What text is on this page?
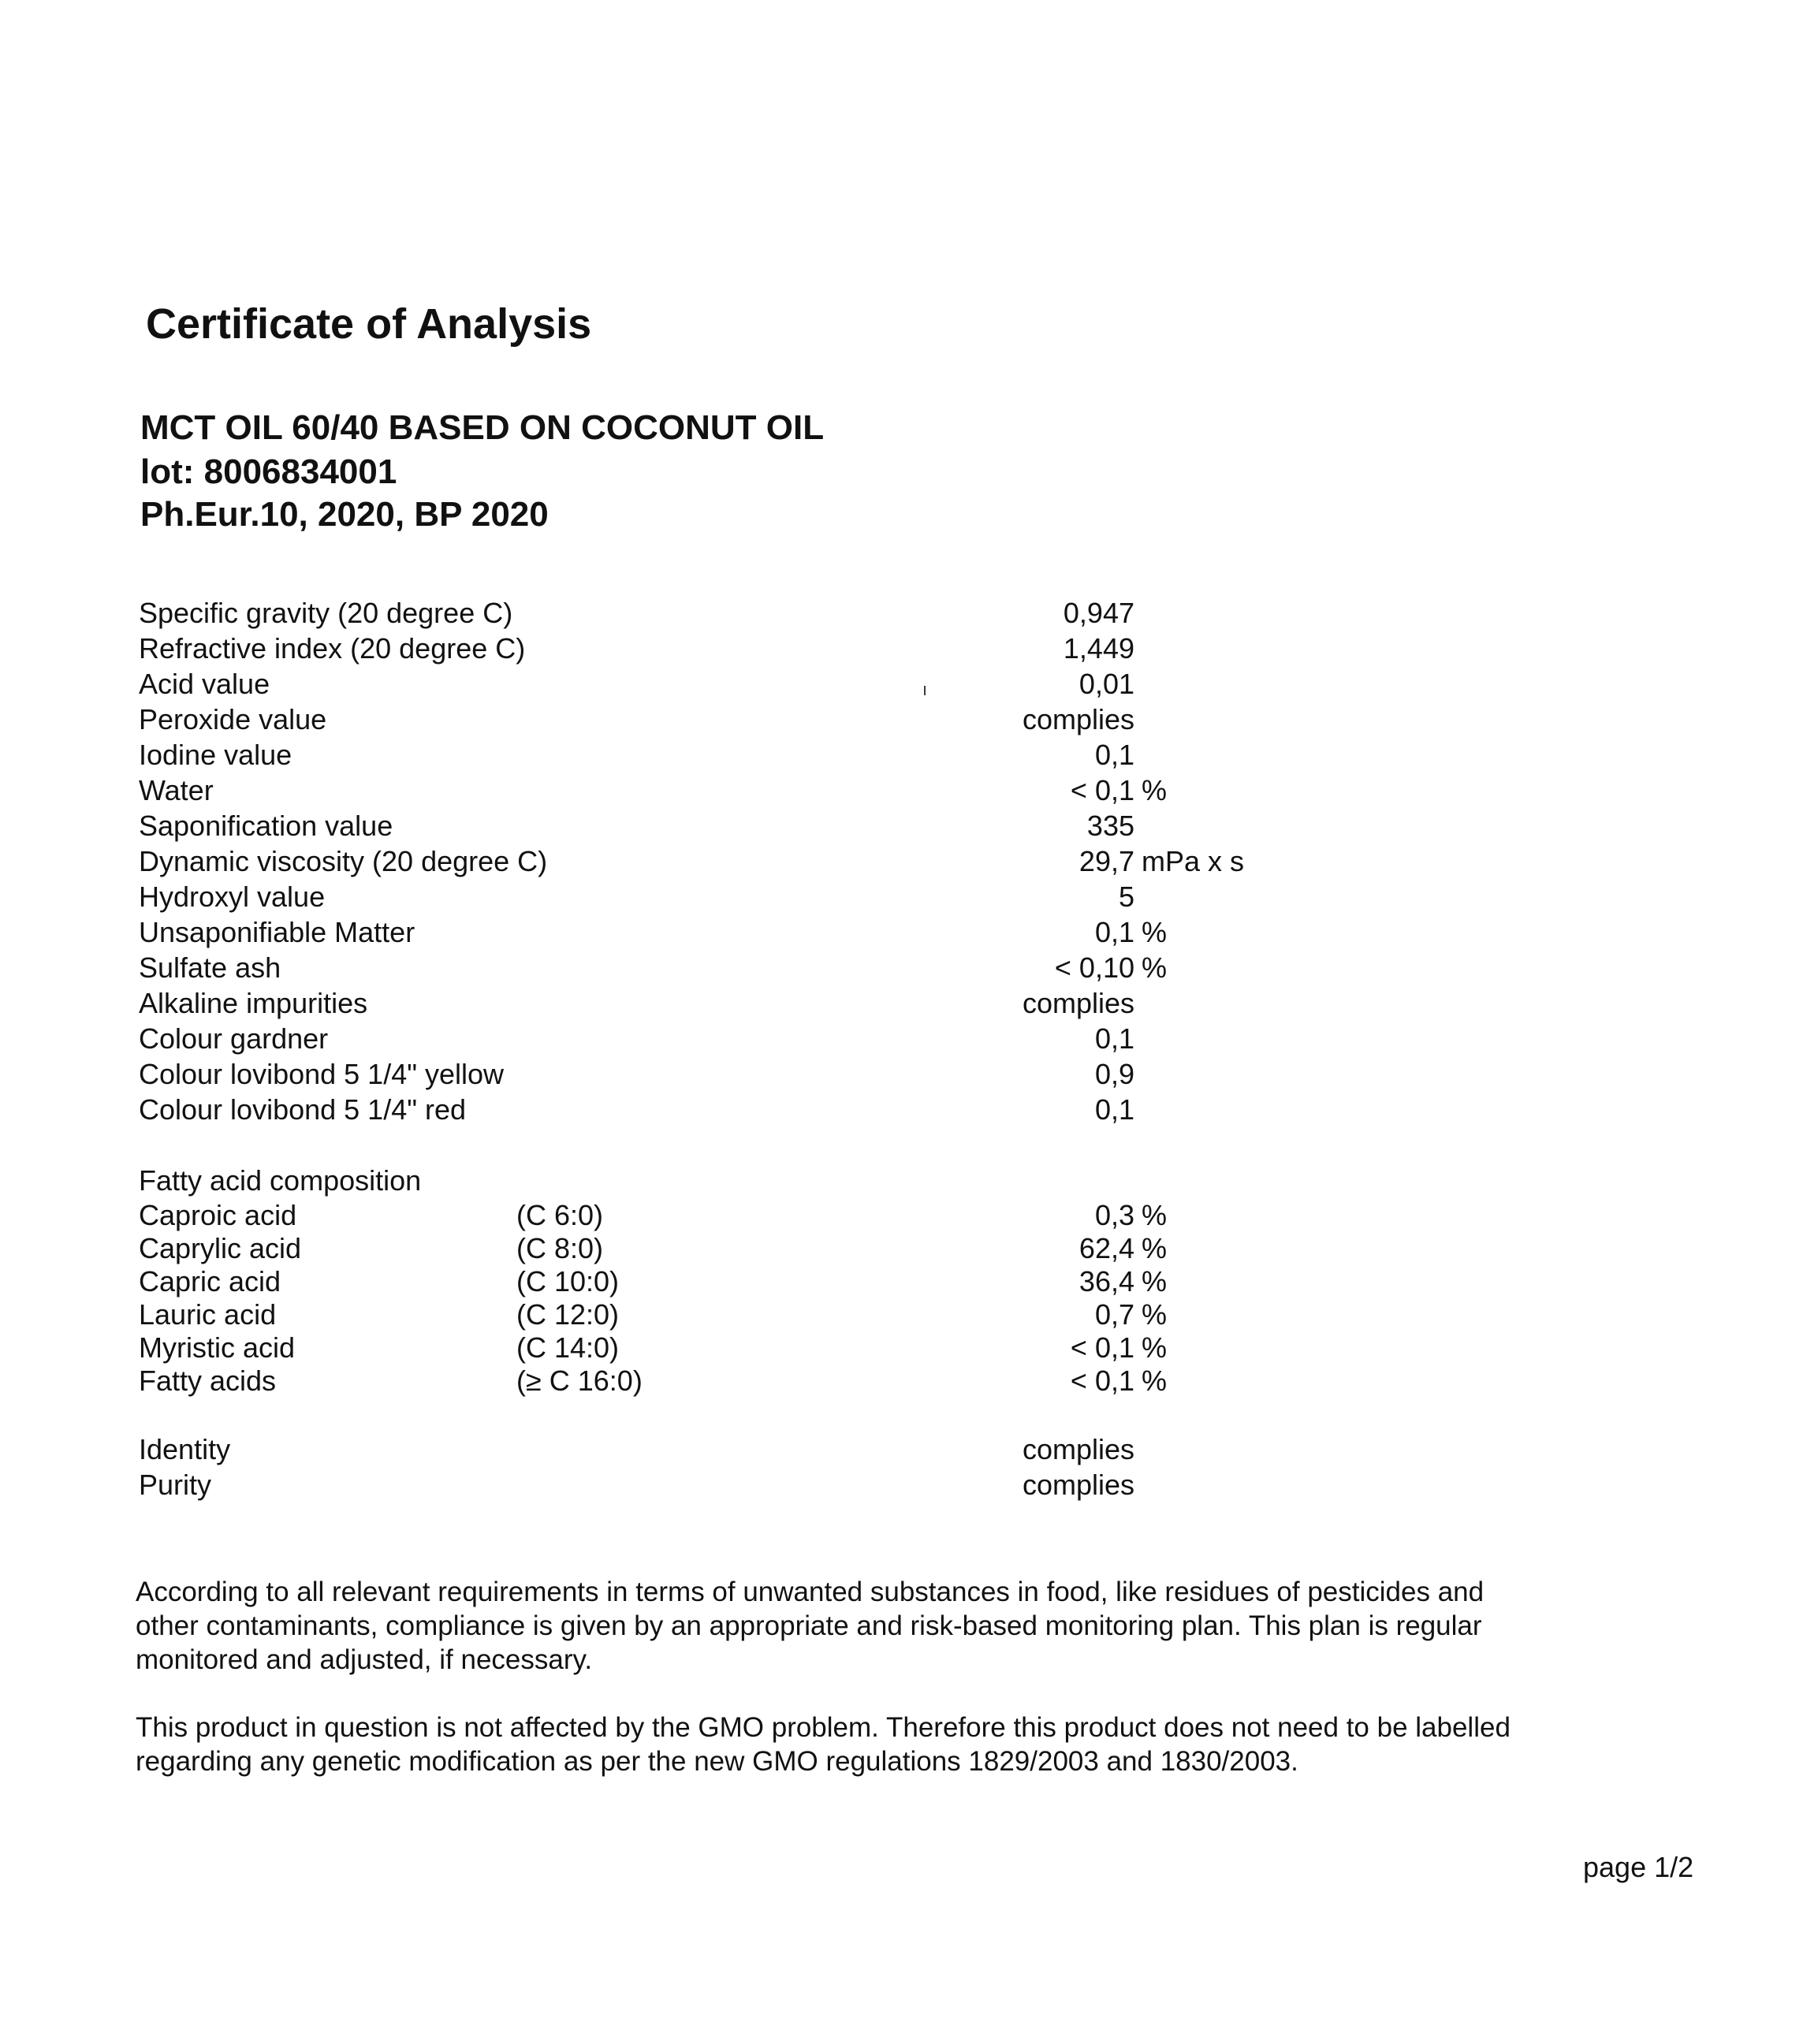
Certificate of Analysis
MCT OIL 60/40 BASED ON COCONUT OIL
lot: 8006834001
Ph.Eur.10, 2020, BP 2020
Specific gravity (20 degree C)	0,947
Refractive index (20 degree C)	1,449
Acid value	0,01
Peroxide value	complies
Iodine value	0,1
Water	< 0,1 %
Saponification value	335
Dynamic viscosity (20 degree C)	29,7 mPa x s
Hydroxyl value	5
Unsaponifiable Matter	0,1 %
Sulfate ash	< 0,10 %
Alkaline impurities	complies
Colour gardner	0,1
Colour lovibond 5 1/4" yellow	0,9
Colour lovibond 5 1/4" red	0,1
ı
Fatty acid composition
Caproic acid	(C 6:0)	0,3 %
Caprylic acid	(C 8:0)	62,4 %
Capric acid	(C 10:0)	36,4 %
Lauric acid	(C 12:0)	0,7 %
Myristic acid	(C 14:0)	< 0,1 %
Fatty acids	(≥ C 16:0)	< 0,1 %
Identity	complies
Purity	complies
According to all relevant requirements in terms of unwanted substances in food, like residues of pesticides and other contaminants, compliance is given by an appropriate and risk-based monitoring plan. This plan is regular monitored and adjusted, if necessary.
This product in question is not affected by the GMO problem. Therefore this product does not need to be labelled regarding any genetic modification as per the new GMO regulations 1829/2003 and 1830/2003.
page 1/2
